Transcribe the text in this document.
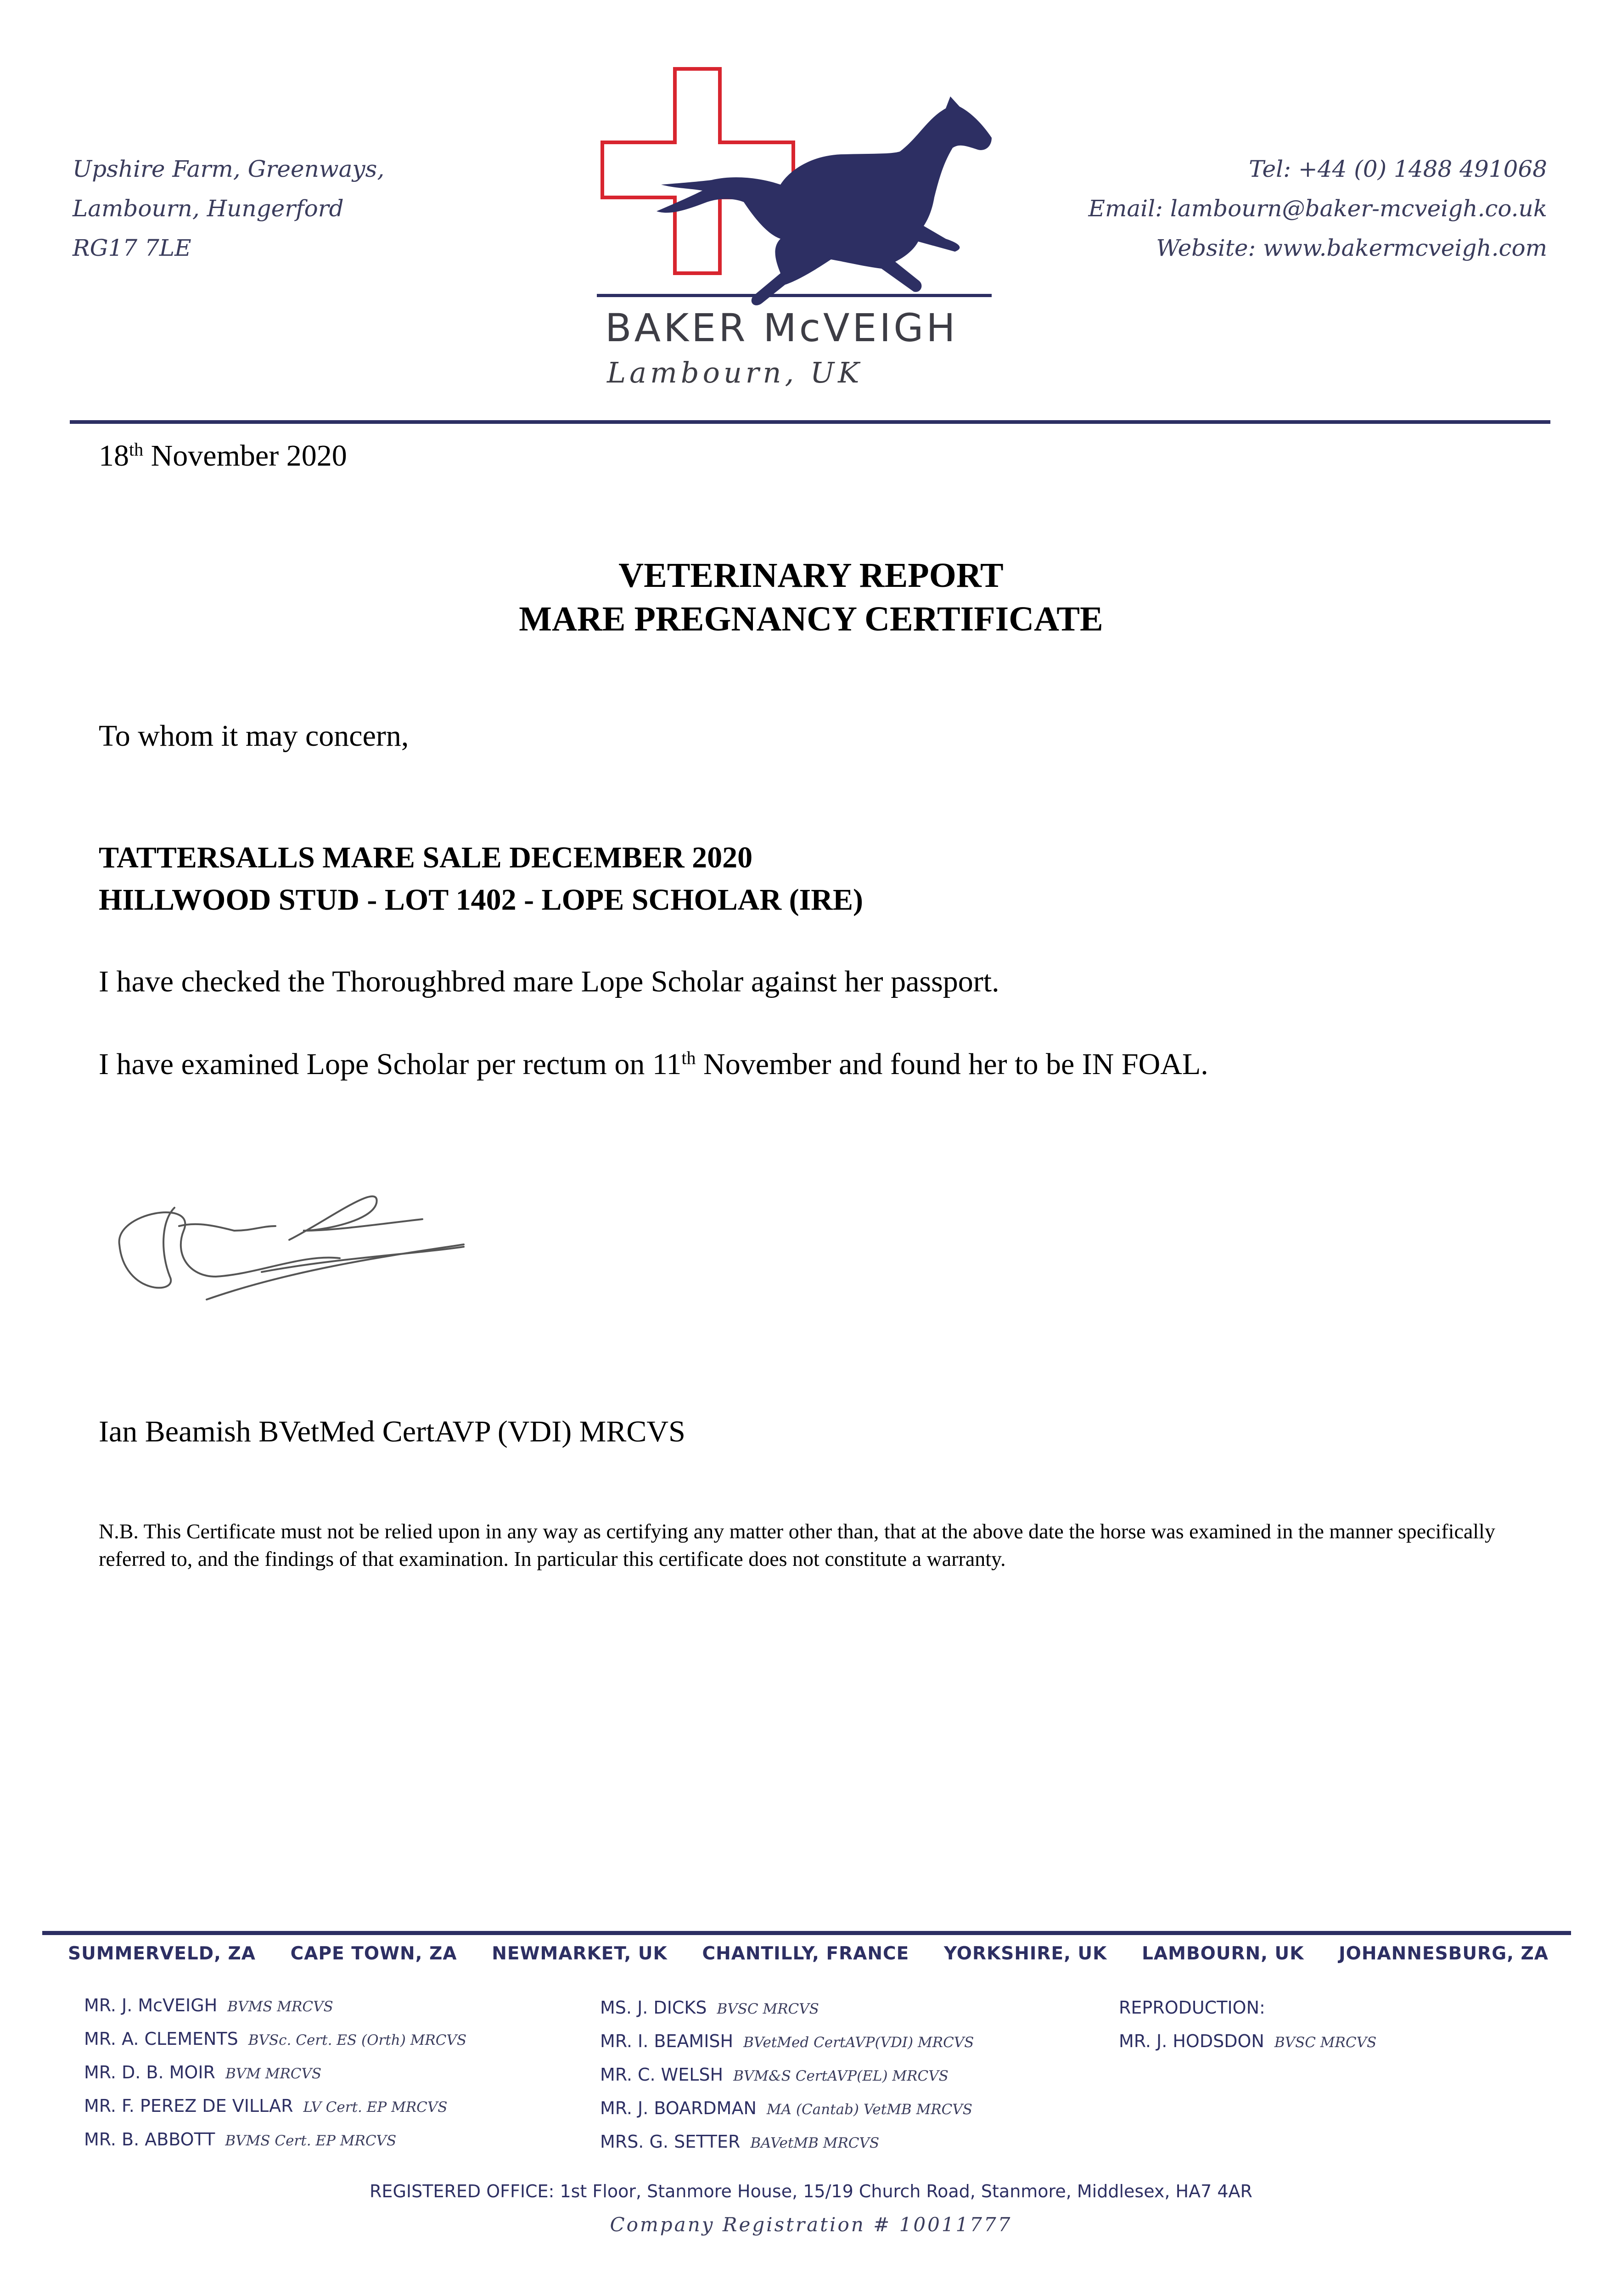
Upshire Farm, Greenways,
Lambourn, Hungerford
RG17 7LE
BAKER McVEIGH
Lambourn, UK
Tel: +44 (0) 1488 491068
Email: lambourn@baker-mcveigh.co.uk
Website: www.bakermcveigh.com
18th November 2020
VETERINARY REPORT
MARE PREGNANCY CERTIFICATE
To whom it may concern,
TATTERSALLS MARE SALE DECEMBER 2020
HILLWOOD STUD - LOT 1402 - LOPE SCHOLAR (IRE)
I have checked the Thoroughbred mare Lope Scholar against her passport.
I have examined Lope Scholar per rectum on 11th November and found her to be IN FOAL.
Ian Beamish BVetMed CertAVP (VDI) MRCVS
N.B. This Certificate must not be relied upon in any way as certifying any matter other than, that at the above date the horse was examined in the manner specifically referred to, and the findings of that examination. In particular this certificate does not constitute a warranty.
SUMMERVELD, ZA CAPE TOWN, ZA NEWMARKET, UK CHANTILLY, FRANCE YORKSHIRE, UK LAMBOURN, UK JOHANNESBURG, ZA
MR. J. McVEIGH BVMS MRCVS
MR. A. CLEMENTS BVSc. Cert. ES (Orth) MRCVS
MR. D. B. MOIR BVM MRCVS
MR. F. PEREZ DE VILLAR LV Cert. EP MRCVS
MR. B. ABBOTT BVMS Cert. EP MRCVS
MS. J. DICKS BVSC MRCVS
MR. I. BEAMISH BVetMed CertAVP(VDI) MRCVS
MR. C. WELSH BVM&S CertAVP(EL) MRCVS
MR. J. BOARDMAN MA (Cantab) VetMB MRCVS
MRS. G. SETTER BAVetMB MRCVS
REPRODUCTION:
MR. J. HODSDON BVSC MRCVS
REGISTERED OFFICE: 1st Floor, Stanmore House, 15/19 Church Road, Stanmore, Middlesex, HA7 4AR
Company Registration # 10011777
